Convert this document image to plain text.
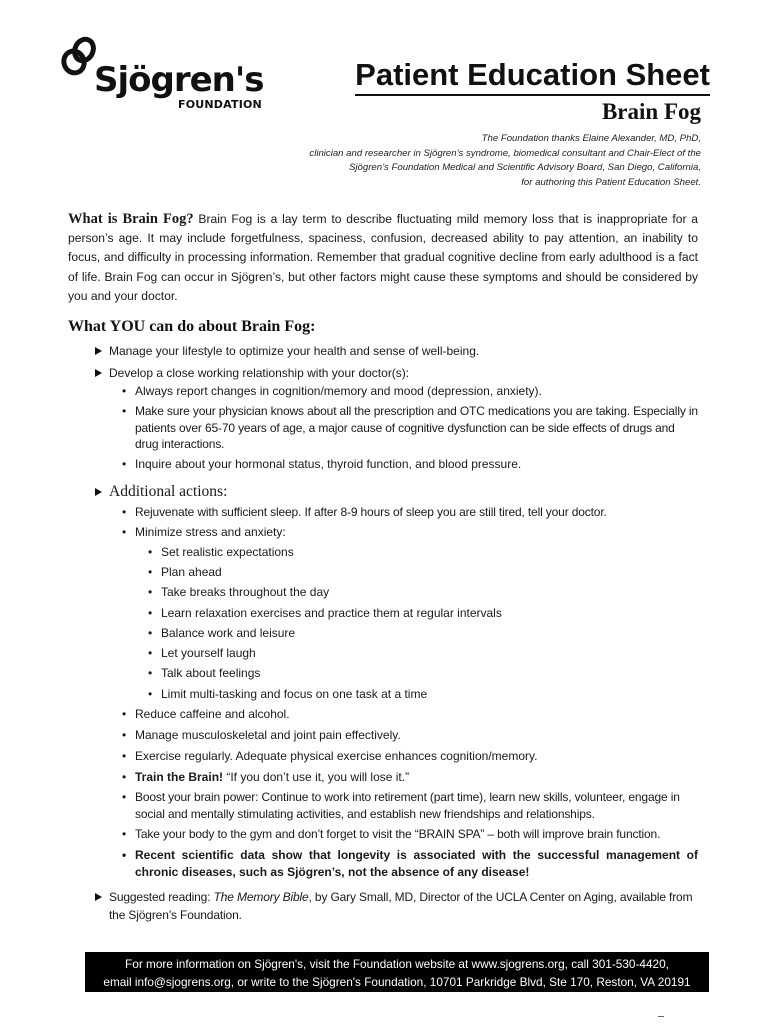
Sjögren's
FOUNDATION
Patient Education Sheet
Brain Fog
The Foundation thanks Elaine Alexander, MD, PhD,
clinician and researcher in Sjögren’s syndrome, biomedical consultant and Chair-Elect of the
Sjögren’s Foundation Medical and Scientific Advisory Board, San Diego, California,
for authoring this Patient Education Sheet.

What is Brain Fog? Brain Fog is a lay term to describe fluctuating mild memory loss that is inappropriate for a person’s age. It may include forgetfulness, spaciness, confusion, decreased ability to pay attention, an inability to focus, and difficulty in processing information. Remember that gradual cognitive decline from early adulthood is a fact of life. Brain Fog can occur in Sjögren’s, but other factors might cause these symptoms and should be considered by you and your doctor.

What YOU can do about Brain Fog:
Manage your lifestyle to optimize your health and sense of well-being.
Develop a close working relationship with your doctor(s):
• Always report changes in cognition/memory and mood (depression, anxiety).
• Make sure your physician knows about all the prescription and OTC medications you are taking. Especially in patients over 65-70 years of age, a major cause of cognitive dysfunction can be side effects of drugs and drug interactions.
• Inquire about your hormonal status, thyroid function, and blood pressure.
Additional actions:
• Rejuvenate with sufficient sleep. If after 8-9 hours of sleep you are still tired, tell your doctor.
• Minimize stress and anxiety:
• Set realistic expectations
• Plan ahead
• Take breaks throughout the day
• Learn relaxation exercises and practice them at regular intervals
• Balance work and leisure
• Let yourself laugh
• Talk about feelings
• Limit multi-tasking and focus on one task at a time
• Reduce caffeine and alcohol.
• Manage musculoskeletal and joint pain effectively.
• Exercise regularly. Adequate physical exercise enhances cognition/memory.
• Train the Brain! “If you don’t use it, you will lose it.”
• Boost your brain power: Continue to work into retirement (part time), learn new skills, volunteer, engage in social and mentally stimulating activities, and establish new friendships and relationships.
• Take your body to the gym and don’t forget to visit the “BRAIN SPA” – both will improve brain function.
• Recent scientific data show that longevity is associated with the successful management of chronic diseases, such as Sjögren’s, not the absence of any disease!
Suggested reading: The Memory Bible, by Gary Small, MD, Director of the UCLA Center on Aging, available from the Sjögren’s Foundation.
For more information on Sjögren's, visit the Foundation website at www.sjogrens.org, call 301-530-4420,
email info@sjogrens.org, or write to the Sjögren's Foundation, 10701 Parkridge Blvd, Ste 170, Reston, VA 20191
